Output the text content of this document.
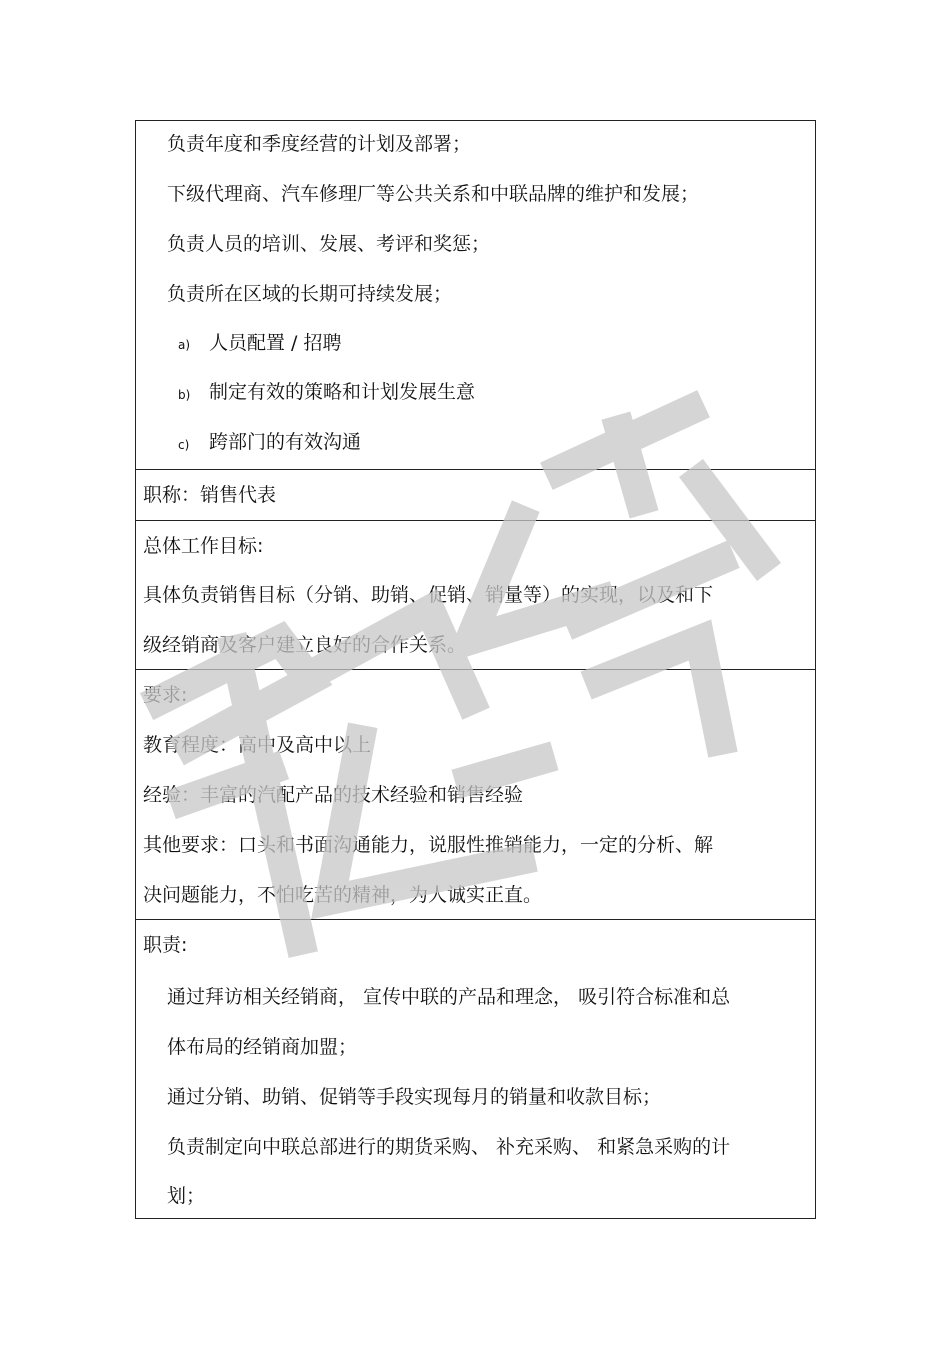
负责年度和季度经营的计划及部署；
下级代理商、汽车修理厂等公共关系和中联品牌的维护和发展；
负责人员的培训、发展、考评和奖惩；
负责所在区域的长期可持续发展；
a) 人员配置 / 招聘
b) 制定有效的策略和计划发展生意
c) 跨部门的有效沟通
职称：销售代表
总体工作目标:
具体负责销售目标（分销、助销、促销、销量等）的实现，以及和下
级经销商及客户建立良好的合作关系。
要求:
教育程度：高中及高中以上
经验：丰富的汽配产品的技术经验和销售经验
其他要求：口头和书面沟通能力，说服性推销能力，一定的分析、解
决问题能力，不怕吃苦的精神，为人诚实正直。
职责:
通过拜访相关经销商， 宣传中联的产品和理念， 吸引符合标准和总
体布局的经销商加盟；
通过分销、助销、促销等手段实现每月的销量和收款目标；
负责制定向中联总部进行的期货采购、 补充采购、 和紧急采购的计
划；
